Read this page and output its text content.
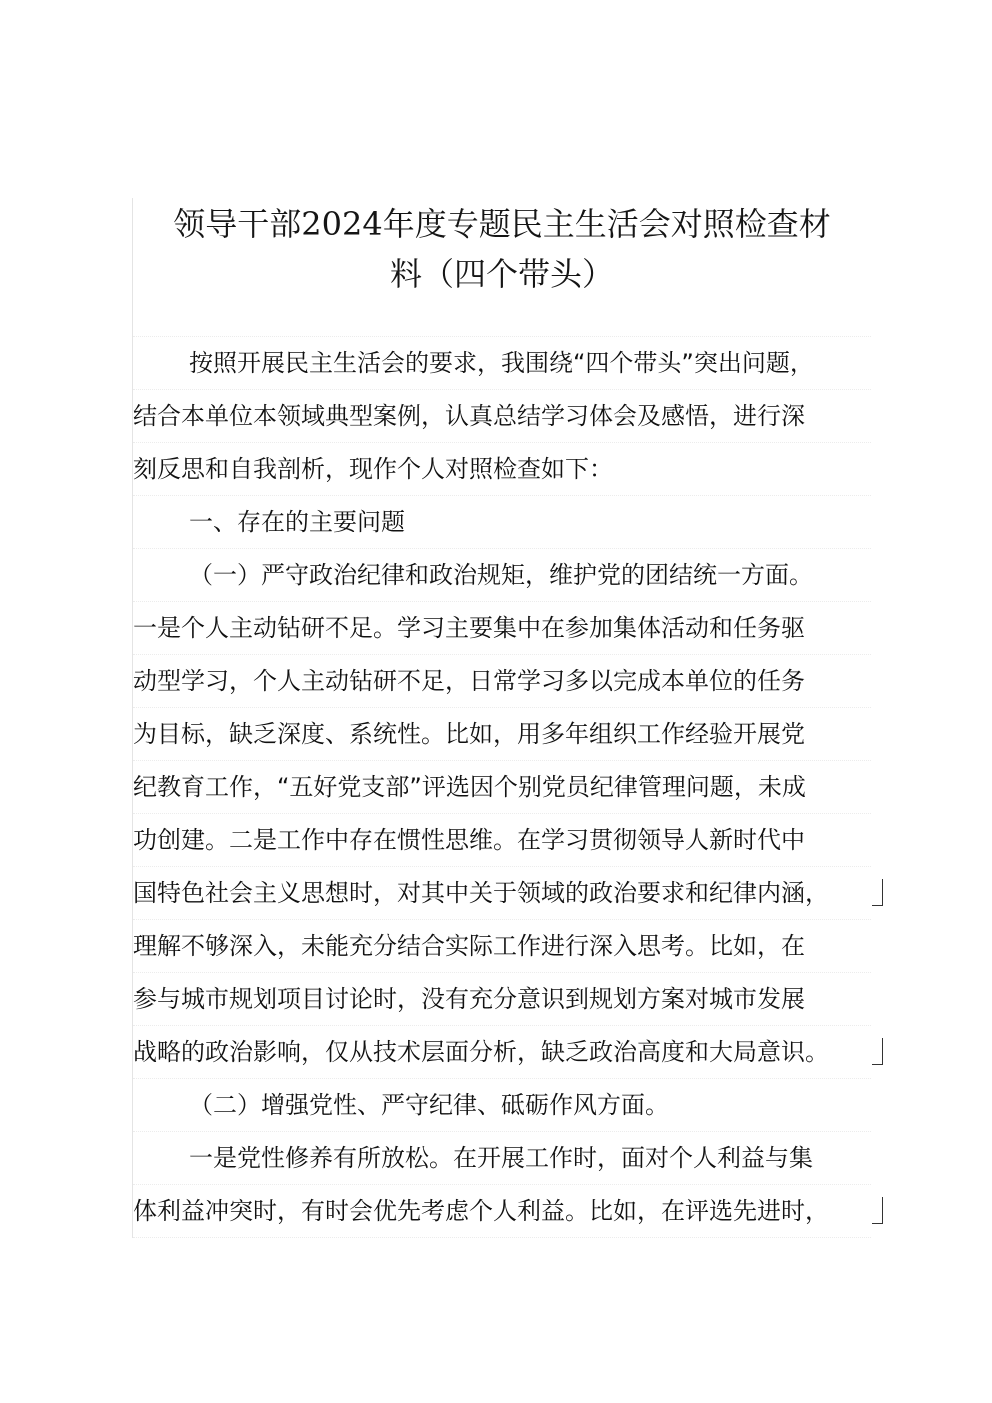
领导干部2024年度专题民主生活会对照检查材
料（四个带头）
按照开展民主生活会的要求，我围绕“四个带头”突出问题，
结合本单位本领域典型案例，认真总结学习体会及感悟，进行深
刻反思和自我剖析，现作个人对照检查如下：
一、存在的主要问题
（一）严守政治纪律和政治规矩，维护党的团结统一方面。
一是个人主动钻研不足。学习主要集中在参加集体活动和任务驱
动型学习，个人主动钻研不足，日常学习多以完成本单位的任务
为目标，缺乏深度、系统性。比如，用多年组织工作经验开展党
纪教育工作，“五好党支部”评选因个别党员纪律管理问题，未成
功创建。二是工作中存在惯性思维。在学习贯彻领导人新时代中
国特色社会主义思想时，对其中关于领域的政治要求和纪律内涵，
理解不够深入，未能充分结合实际工作进行深入思考。比如，在
参与城市规划项目讨论时，没有充分意识到规划方案对城市发展
战略的政治影响，仅从技术层面分析，缺乏政治高度和大局意识。
（二）增强党性、严守纪律、砥砺作风方面。
一是党性修养有所放松。在开展工作时，面对个人利益与集
体利益冲突时，有时会优先考虑个人利益。比如，在评选先进时，
